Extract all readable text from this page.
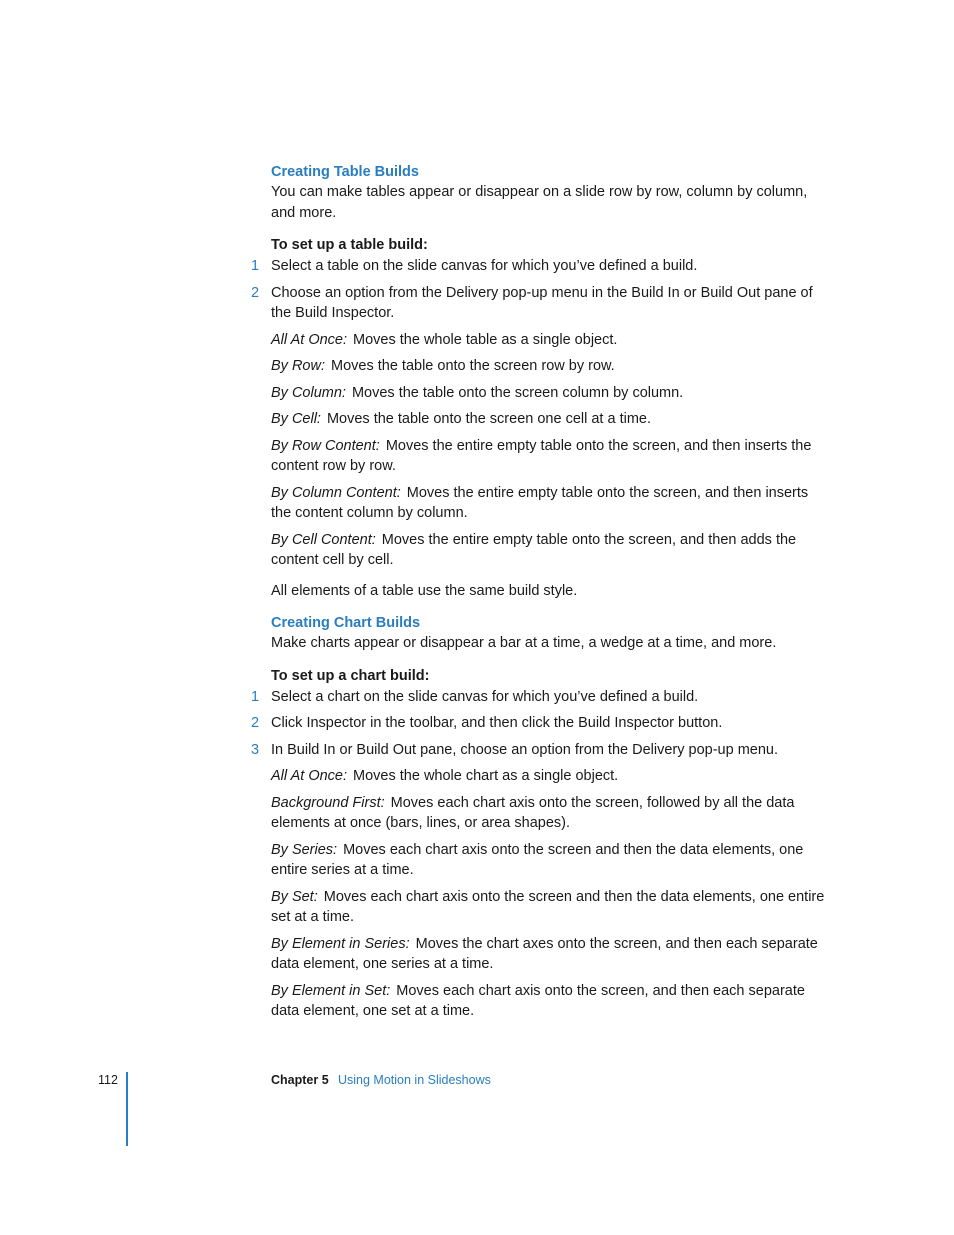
Creating Table Builds

You can make tables appear or disappear on a slide row by row, column by column, and more.

To set up a table build:

1 Select a table on the slide canvas for which you’ve defined a build.
2 Choose an option from the Delivery pop-up menu in the Build In or Build Out pane of the Build Inspector.

All At Once: Moves the whole table as a single object.

By Row: Moves the table onto the screen row by row.

By Column: Moves the table onto the screen column by column.

By Cell: Moves the table onto the screen one cell at a time.

By Row Content: Moves the entire empty table onto the screen, and then inserts the content row by row.

By Column Content: Moves the entire empty table onto the screen, and then inserts the content column by column.

By Cell Content: Moves the entire empty table onto the screen, and then adds the content cell by cell.

All elements of a table use the same build style.

Creating Chart Builds

Make charts appear or disappear a bar at a time, a wedge at a time, and more.

To set up a chart build:

1 Select a chart on the slide canvas for which you’ve defined a build.
2 Click Inspector in the toolbar, and then click the Build Inspector button.
3 In Build In or Build Out pane, choose an option from the Delivery pop-up menu.

All At Once: Moves the whole chart as a single object.

Background First: Moves each chart axis onto the screen, followed by all the data elements at once (bars, lines, or area shapes).

By Series: Moves each chart axis onto the screen and then the data elements, one entire series at a time.

By Set: Moves each chart axis onto the screen and then the data elements, one entire set at a time.

By Element in Series: Moves the chart axes onto the screen, and then each separate data element, one series at a time.

By Element in Set: Moves each chart axis onto the screen, and then each separate data element, one set at a time.

112	Chapter 5 Using Motion in Slideshows
